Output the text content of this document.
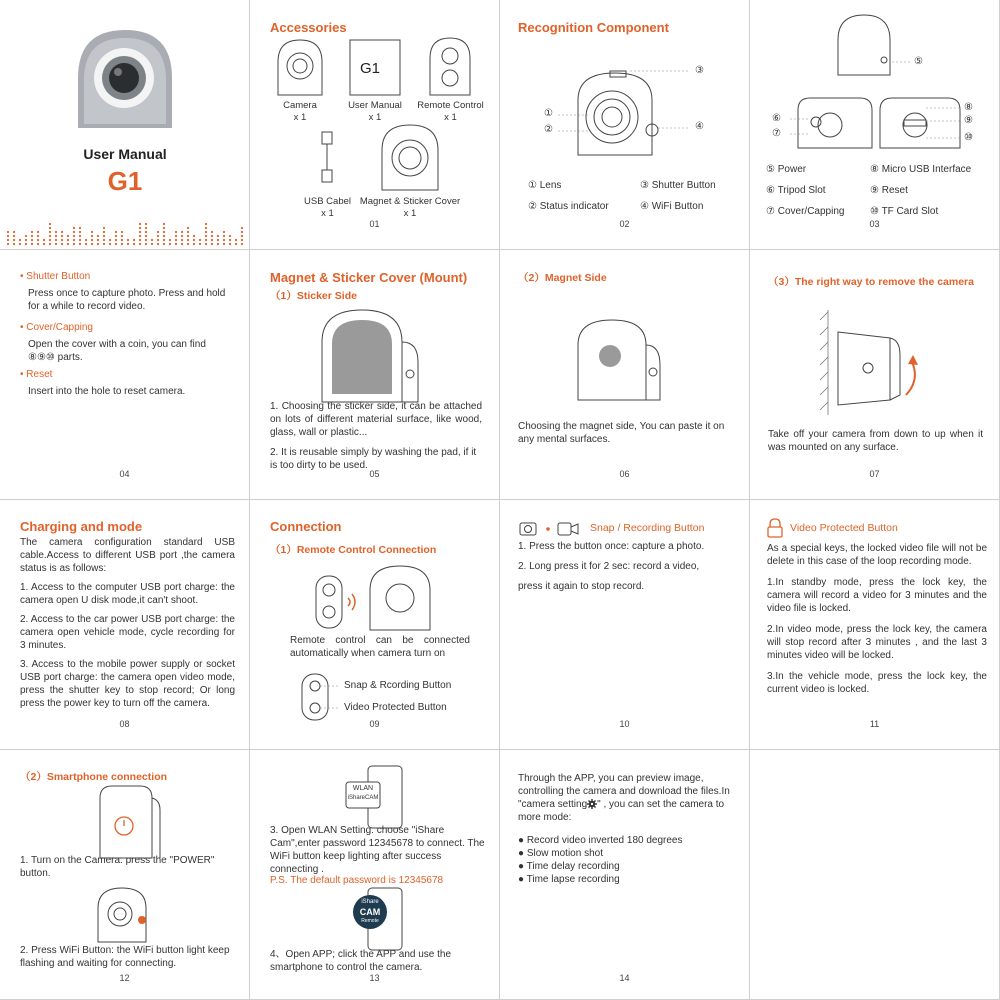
User Manual
G1
Accessories
G1
Camera
x 1
User Manual
x 1
Remote Control
x 1
USB Cabel
x 1
Magnet & Sticker Cover
x 1
01
Recognition Component
①
②
③
④
① Lens
② Status indicator
③ Shutter Button
④ WiFi Button
02
⑤
⑥
⑦
⑧
⑨
⑩
⑤ Power
⑥ Tripod Slot
⑦ Cover/Capping
⑧ Micro USB Interface
⑨ Reset
⑩ TF Card Slot
03
• Shutter Button
Press once to capture photo. Press and hold for a while to record video.
• Cover/Capping
Open the cover with a coin, you can find ⑧⑨⑩ parts.
• Reset
Insert into the hole to reset camera.
04
Magnet & Sticker Cover (Mount)
（1）Sticker Side
1. Choosing the sticker side, it can be attached on lots of different material surface, like wood, glass, wall or plastic...
2. It is reusable simply by washing the pad, if it is too dirty to be used.
05
（2）Magnet Side
Choosing the magnet side, You can paste it on any mental surfaces.
06
（3）The right way to remove the camera
Take off your camera from down to up when it was mounted on any surface.
07
Charging and mode
The camera configuration standard USB cable.Access to different USB port ,the camera status is as follows:
1. Access to the computer USB port charge: the camera open U disk mode,it can't shoot.
2. Access to the car power USB port charge: the camera open vehicle mode, cycle recording for 3 minutes.
3. Access to the mobile power supply or socket USB port charge: the camera open video mode, press the shutter key to stop record; Or long press the power key to turn off the camera.
08
Connection
（1）Remote Control Connection
Remote control can be connected automatically when camera turn on
Snap & Rcording Button
Video Protected Button
09
Snap / Recording Button
1. Press the button once: capture a photo.
2. Long press it for 2 sec: record a video,
press it again to stop record.
10
Video Protected Button
As a special keys, the locked video file will not be delete in this case of the loop recording mode.
1.In standby mode, press the lock key, the camera will record a video for 3 minutes and the video file is locked.
2.In video mode, press the lock key, the camera will stop record after 3 minutes , and the last 3 minutes video will be locked.
3.In the vehicle mode, press the lock key, the current video is locked.
11
（2）Smartphone connection
1. Turn on the Camera: press the "POWER" button.
2. Press WiFi Button: the WiFi button light keep flashing and waiting for connecting.
12
WLAN
iShareCAM
3. Open WLAN Setting: choose "iShare Cam",enter password 12345678 to connect. The WiFi button keep lighting after success connecting .
P.S. The default password is 12345678
iShare
CAM
Remote
4、Open APP; click the APP and use the smartphone to control the camera.
13
Through the APP, you can preview image, controlling the camera and download the files.In "camera setting " , you can set the camera to more mode:
● Record video inverted 180 degrees
● Slow motion shot
● Time delay recording
● Time lapse recording
14
